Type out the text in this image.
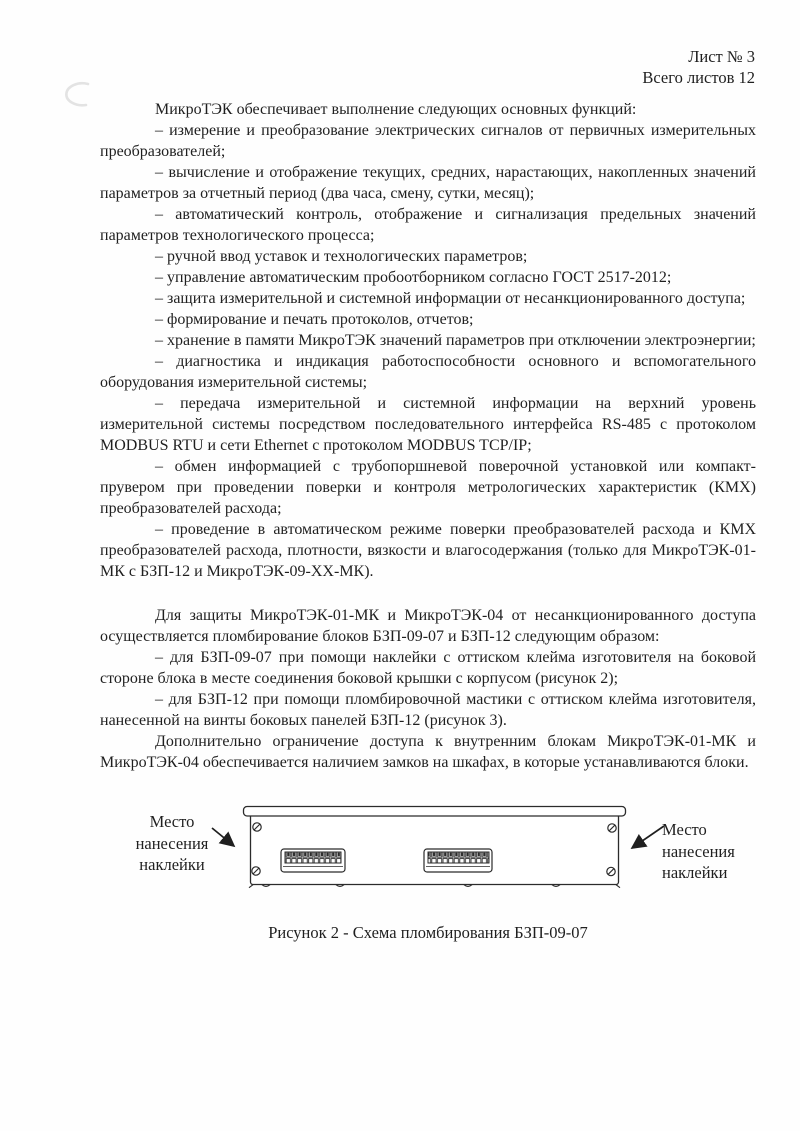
Лист № 3
Всего листов 12

МикроТЭК обеспечивает выполнение следующих основных функций:

– измерение и преобразование электрических сигналов от первичных измерительных преобразователей;

– вычисление и отображение текущих, средних, нарастающих, накопленных значений параметров за отчетный период (два часа, смену, сутки, месяц);

– автоматический контроль, отображение и сигнализация предельных значений параметров технологического процесса;

– ручной ввод уставок и технологических параметров;

– управление автоматическим пробоотборником согласно ГОСТ 2517-2012;

– защита измерительной и системной информации от несанкционированного доступа;

– формирование и печать протоколов, отчетов;

– хранение в памяти МикроТЭК значений параметров при отключении электроэнергии;

– диагностика и индикация работоспособности основного и вспомогательного оборудования измерительной системы;

– передача измерительной и системной информации на верхний уровень измерительной системы посредством последовательного интерфейса RS-485 с протоколом MODBUS RTU и сети Ethernet с протоколом MODBUS TCP/IP;

– обмен информацией с трубопоршневой поверочной установкой или компакт-прувером при проведении поверки и контроля метрологических характеристик (КМХ) преобразователей расхода;

– проведение в автоматическом режиме поверки преобразователей расхода и КМХ преобразователей расхода, плотности, вязкости и влагосодержания (только для МикроТЭК-01-МК с БЗП-12 и МикроТЭК-09-ХХ-МК).

Для защиты МикроТЭК-01-МК и МикроТЭК-04 от несанкционированного доступа осуществляется пломбирование блоков БЗП-09-07 и БЗП-12 следующим образом:

– для БЗП-09-07 при помощи наклейки с оттиском клейма изготовителя на боковой стороне блока в месте соединения боковой крышки с корпусом (рисунок 2);

– для БЗП-12 при помощи пломбировочной мастики с оттиском клейма изготовителя, нанесенной на винты боковых панелей БЗП-12 (рисунок 3).

Дополнительно ограничение доступа к внутренним блокам МикроТЭК-01-МК и МикроТЭК-04 обеспечивается наличием замков на шкафах, в которые устанавливаются блоки.

Место нанесения наклейки
Место нанесения наклейки
Рисунок 2 - Схема пломбирования БЗП-09-07
